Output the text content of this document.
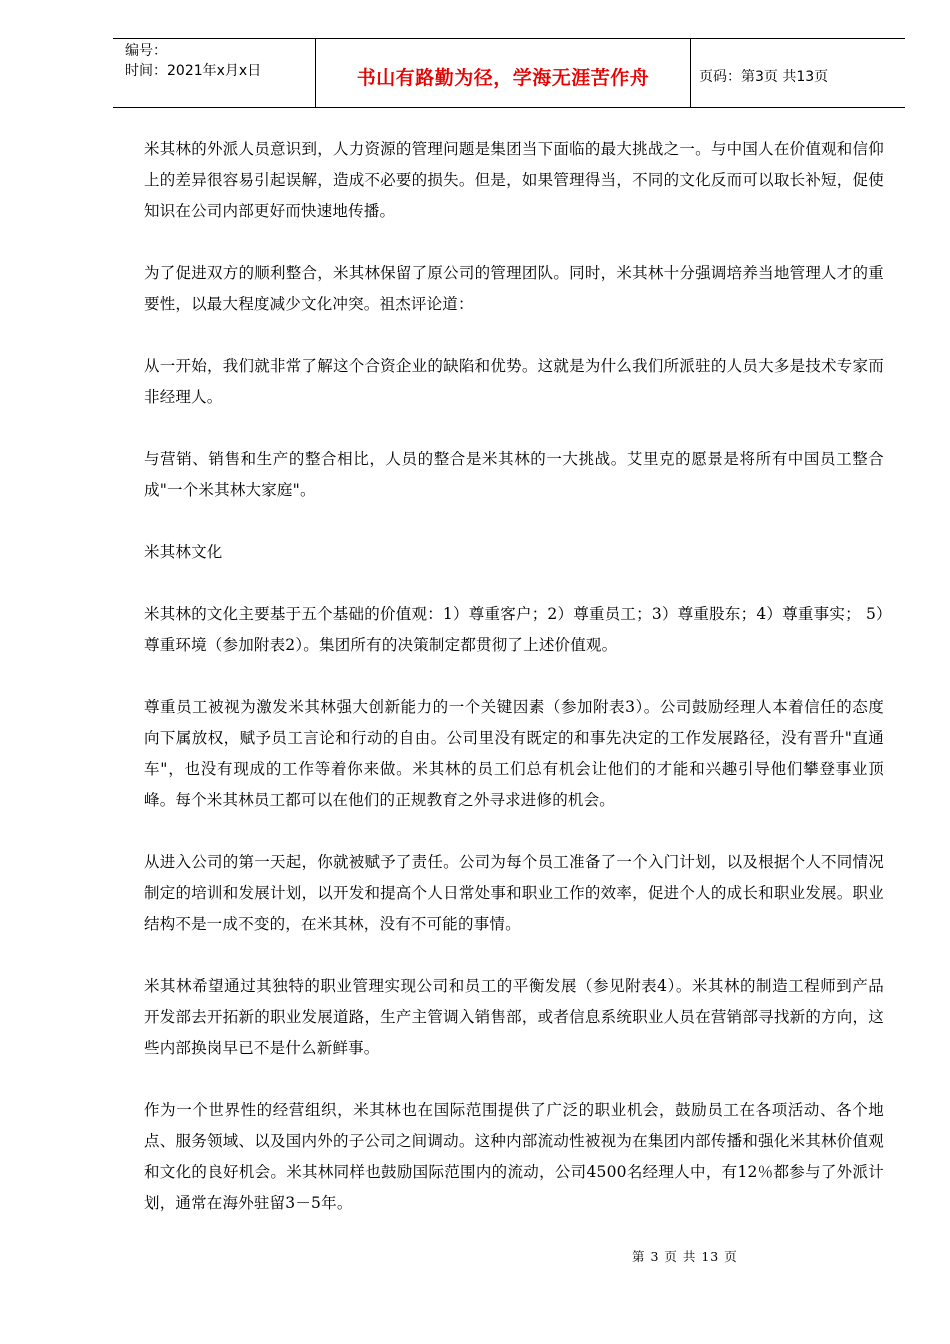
编号：
时间：2021年x月x日	书山有路勤为径，学海无涯苦作舟	页码：第3页 共13页

米其林的外派人员意识到，人力资源的管理问题是集团当下面临的最大挑战之一。与中国人在价值观和信仰上的差异很容易引起误解，造成不必要的损失。但是，如果管理得当，不同的文化反而可以取长补短，促使知识在公司内部更好而快速地传播。

为了促进双方的顺利整合，米其林保留了原公司的管理团队。同时，米其林十分强调培养当地管理人才的重要性，以最大程度减少文化冲突。祖杰评论道：

从一开始，我们就非常了解这个合资企业的缺陷和优势。这就是为什么我们所派驻的人员大多是技术专家而非经理人。

与营销、销售和生产的整合相比，人员的整合是米其林的一大挑战。艾里克的愿景是将所有中国员工整合成"一个米其林大家庭"。

米其林文化

米其林的文化主要基于五个基础的价值观：1）尊重客户；2）尊重员工；3）尊重股东；4）尊重事实； 5）尊重环境（参加附表2）。集团所有的决策制定都贯彻了上述价值观。

尊重员工被视为激发米其林强大创新能力的一个关键因素（参加附表3）。公司鼓励经理人本着信任的态度向下属放权，赋予员工言论和行动的自由。公司里没有既定的和事先决定的工作发展路径，没有晋升"直通车"，也没有现成的工作等着你来做。米其林的员工们总有机会让他们的才能和兴趣引导他们攀登事业顶峰。每个米其林员工都可以在他们的正规教育之外寻求进修的机会。

从进入公司的第一天起，你就被赋予了责任。公司为每个员工准备了一个入门计划，以及根据个人不同情况制定的培训和发展计划，以开发和提高个人日常处事和职业工作的效率，促进个人的成长和职业发展。职业结构不是一成不变的，在米其林，没有不可能的事情。

米其林希望通过其独特的职业管理实现公司和员工的平衡发展（参见附表4）。米其林的制造工程师到产品开发部去开拓新的职业发展道路，生产主管调入销售部，或者信息系统职业人员在营销部寻找新的方向，这些内部换岗早已不是什么新鲜事。

作为一个世界性的经营组织，米其林也在国际范围提供了广泛的职业机会，鼓励员工在各项活动、各个地点、服务领域、以及国内外的子公司之间调动。这种内部流动性被视为在集团内部传播和强化米其林价值观和文化的良好机会。米其林同样也鼓励国际范围内的流动，公司4500名经理人中，有12％都参与了外派计划，通常在海外驻留3－5年。

第 3 页 共 13 页
